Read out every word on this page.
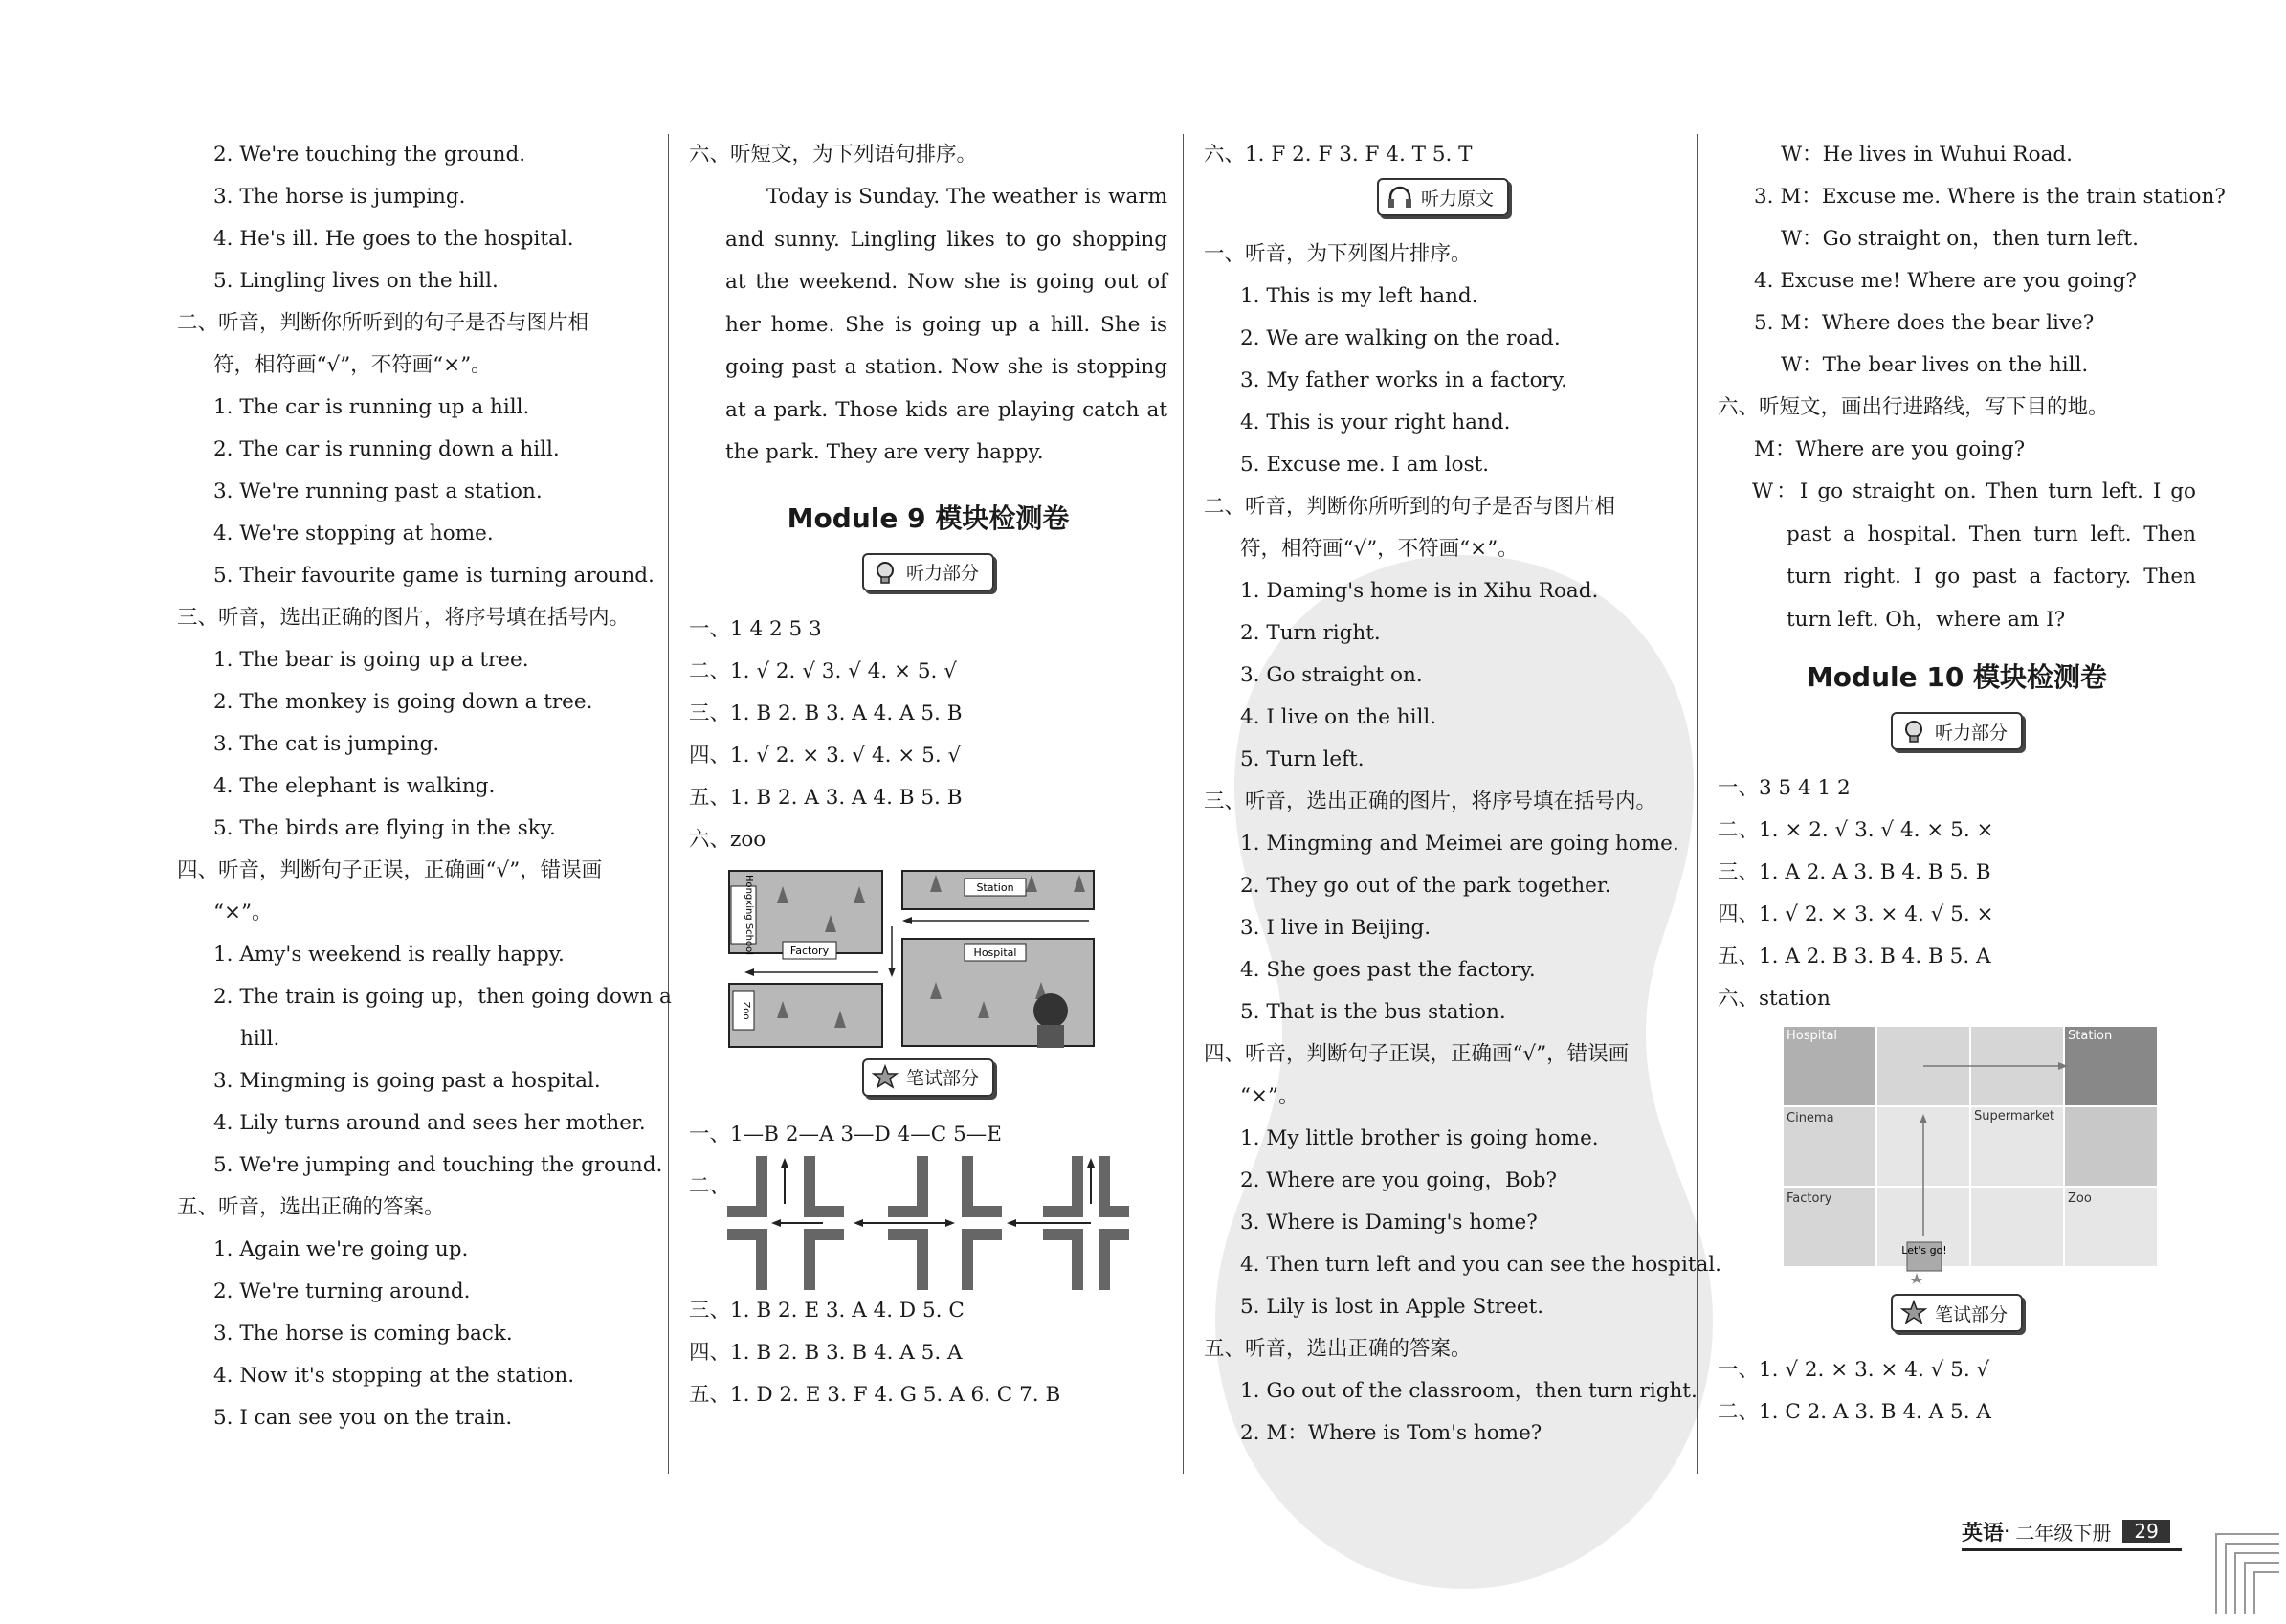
2. We're touching the ground.
3. The horse is jumping.
4. He's ill. He goes to the hospital.
5. Lingling lives on the hill.
二、听音，判断你所听到的句子是否与图片相
符，相符画“√”，不符画“×”。
1. The car is running up a hill.
2. The car is running down a hill.
3. We're running past a station.
4. We're stopping at home.
5. Their favourite game is turning around.
三、听音，选出正确的图片，将序号填在括号内。
1. The bear is going up a tree.
2. The monkey is going down a tree.
3. The cat is jumping.
4. The elephant is walking.
5. The birds are flying in the sky.
四、听音，判断句子正误，正确画“√”，错误画
“×”。
1. Amy's weekend is really happy.
2. The train is going up，then going down a
hill.
3. Mingming is going past a hospital.
4. Lily turns around and sees her mother.
5. We're jumping and touching the ground.
五、听音，选出正确的答案。
1. Again we're going up.
2. We're turning around.
3. The horse is coming back.
4. Now it's stopping at the station.
5. I can see you on the train.
六、听短文，为下列语句排序。
Today is Sunday. The weather is warm and sunny. Lingling likes to go shopping at the weekend. Now she is going out of her home. She is going up a hill. She is going past a station. Now she is stopping at a park. Those kids are playing catch at the park. They are very happy.
Module 9 模块检测卷
听力部分
一、1 4 2 5 3
二、1. √ 2. √ 3. √ 4. × 5. √
三、1. B 2. B 3. A 4. A 5. B
四、1. √ 2. × 3. √ 4. × 5. √
五、1. B 2. A 3. A 4. B 5. B
六、zoo
Hongxing School	Factory
Station
Hospital
Zoo
笔试部分
一、1—B 2—A 3—D 4—C 5—E
二、
三、1. B 2. E 3. A 4. D 5. C
四、1. B 2. B 3. B 4. A 5. A
五、1. D 2. E 3. F 4. G 5. A 6. C 7. B
六、1. F 2. F 3. F 4. T 5. T
听力原文
一、听音，为下列图片排序。
1. This is my left hand.
2. We are walking on the road.
3. My father works in a factory.
4. This is your right hand.
5. Excuse me. I am lost.
二、听音，判断你所听到的句子是否与图片相
符，相符画“√”，不符画“×”。
1. Daming's home is in Xihu Road.
2. Turn right.
3. Go straight on.
4. I live on the hill.
5. Turn left.
三、听音，选出正确的图片，将序号填在括号内。
1. Mingming and Meimei are going home.
2. They go out of the park together.
3. I live in Beijing.
4. She goes past the factory.
5. That is the bus station.
四、听音，判断句子正误，正确画“√”，错误画
“×”。
1. My little brother is going home.
2. Where are you going，Bob?
3. Where is Daming's home?
4. Then turn left and you can see the hospital.
5. Lily is lost in Apple Street.
五、听音，选出正确的答案。
1. Go out of the classroom，then turn right.
2. M：Where is Tom's home?
W：He lives in Wuhui Road.
3. M：Excuse me. Where is the train station?
W：Go straight on，then turn left.
4. Excuse me! Where are you going?
5. M：Where does the bear live?
W：The bear lives on the hill.
六、听短文，画出行进路线，写下目的地。
M：Where are you going?
W：I go straight on. Then turn left. I go past a hospital. Then turn left. Then turn right. I go past a factory. Then turn left. Oh，where am I?
Module 10 模块检测卷
听力部分
一、3 5 4 1 2
二、1. × 2. √ 3. √ 4. × 5. ×
三、1. A 2. A 3. B 4. B 5. B
四、1. √ 2. × 3. × 4. √ 5. ×
五、1. A 2. B 3. B 4. B 5. A
六、station
Hospital	Station
Cinema	Supermarket
Factory	Zoo
Let's go!
笔试部分
一、1. √ 2. × 3. × 4. √ 5. √
二、1. C 2. A 3. B 4. A 5. A
英语 · 二年级下册	29
